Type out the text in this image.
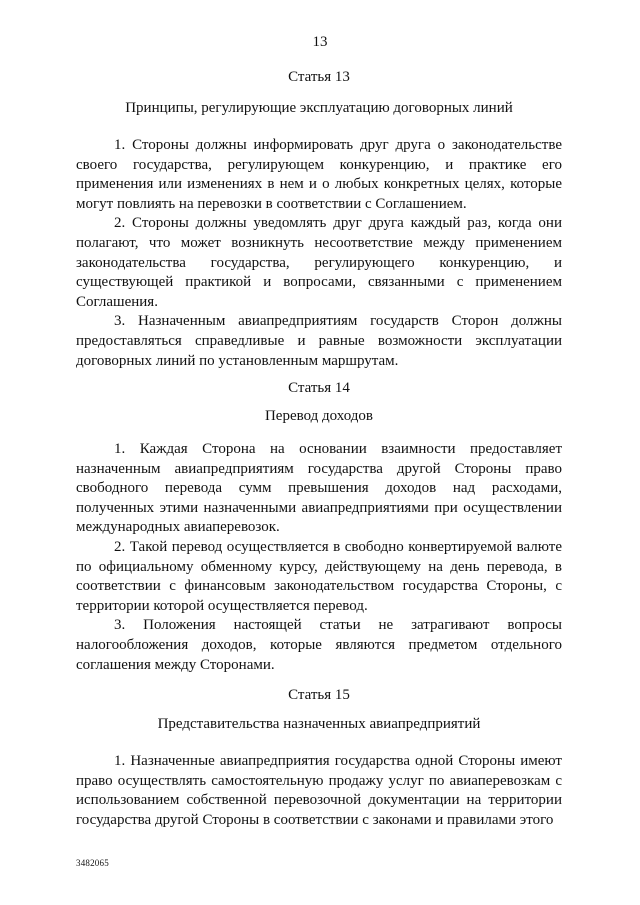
13

Статья 13

Принципы, регулирующие эксплуатацию договорных линий

1. Стороны должны информировать друг друга о законодательстве своего государства, регулирующем конкуренцию, и практике его применения или изменениях в нем и о любых конкретных целях, которые могут повлиять на перевозки в соответствии с Соглашением.

2. Стороны должны уведомлять друг друга каждый раз, когда они полагают, что может возникнуть несоответствие между применением законодательства государства, регулирующего конкуренцию, и существующей практикой и вопросами, связанными с применением Соглашения.

3. Назначенным авиапредприятиям государств Сторон должны предоставляться справедливые и равные возможности эксплуатации договорных линий по установленным маршрутам.

Статья 14

Перевод доходов

1. Каждая Сторона на основании взаимности предоставляет назначенным авиапредприятиям государства другой Стороны право свободного перевода сумм превышения доходов над расходами, полученных этими назначенными авиапредприятиями при осуществлении международных авиаперевозок.

2. Такой перевод осуществляется в свободно конвертируемой валюте по официальному обменному курсу, действующему на день перевода, в соответствии с финансовым законодательством государства Стороны, с территории которой осуществляется перевод.

3. Положения настоящей статьи не затрагивают вопросы налогообложения доходов, которые являются предметом отдельного соглашения между Сторонами.

Статья 15

Представительства назначенных авиапредприятий

1. Назначенные авиапредприятия государства одной Стороны имеют право осуществлять самостоятельную продажу услуг по авиаперевозкам с использованием собственной перевозочной документации на территории государства другой Стороны в соответствии с законами и правилами этого

3482065
